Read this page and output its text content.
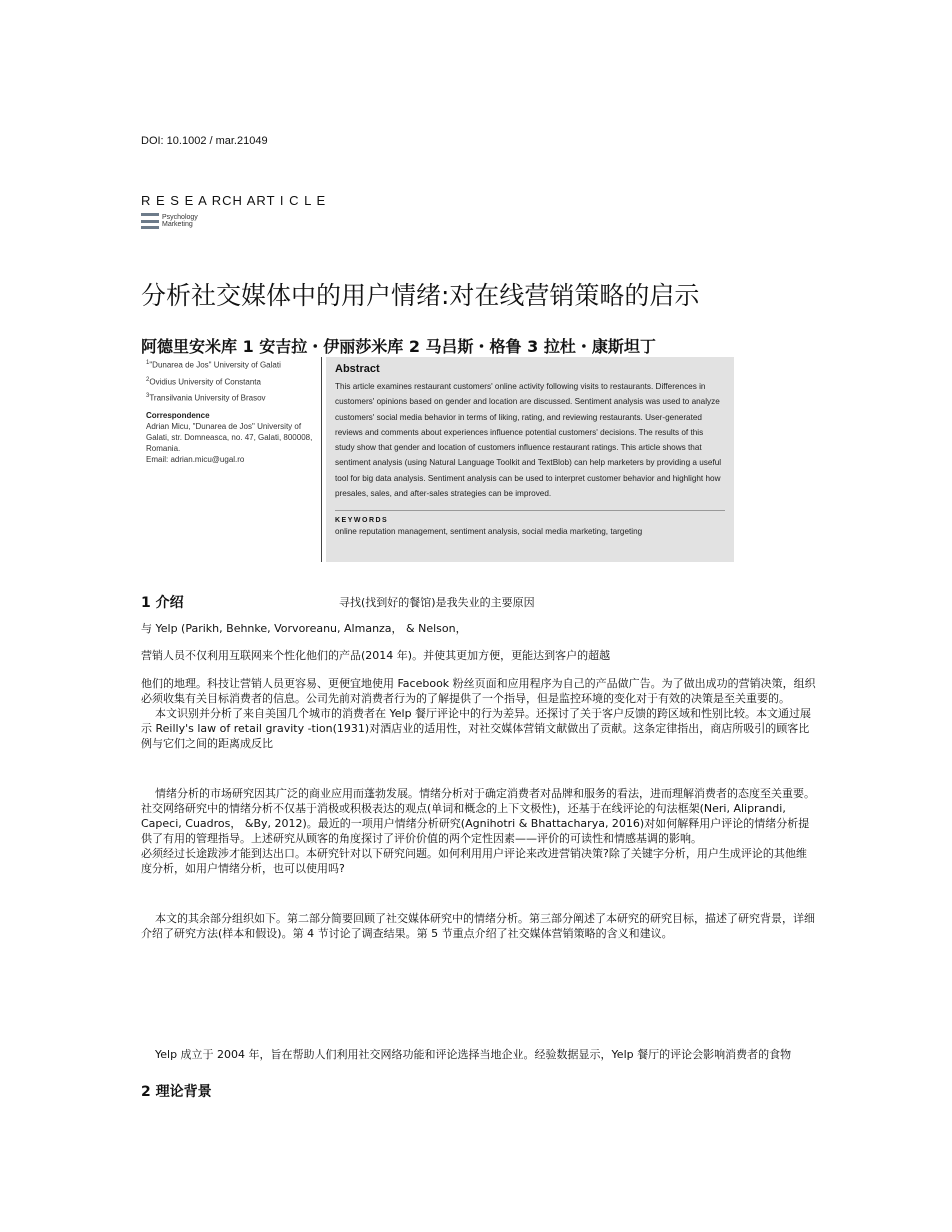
DOI: 10.1002 / mar.21049
R E S E A RCH ART I C L E
Psychology
Marketing
分析社交媒体中的用户情绪:对在线营销策略的启示
阿德里安米库 1 安吉拉・伊丽莎米库 2 马吕斯・格鲁 3 拉杜・康斯坦丁
$^1$"Dunarea de Jos" University of Galati
$^2$Ovidius University of Constanta
$^3$Transilvania University of Brasov
Correspondence
Adrian Micu, "Dunarea de Jos" University of Galati, str. Domneasca, no. 47, Galati, 800008, Romania.
Email: adrian.micu@ugal.ro
Abstract
This article examines restaurant customers' online activity following visits to restaurants. Differences in customers' opinions based on gender and location are discussed. Sentiment analysis was used to analyze customers' social media behavior in terms of liking, rating, and reviewing restaurants. User-generated reviews and comments about experiences influence potential customers' decisions. The results of this study show that gender and location of customers influence restaurant ratings. This article shows that sentiment analysis (using Natural Language Toolkit and TextBlob) can help marketers by providing a useful tool for big data analysis. Sentiment analysis can be used to interpret customer behavior and highlight how presales, sales, and after-sales strategies can be improved.
KEYWORDS
online reputation management, sentiment analysis, social media marketing, targeting
1 介绍	寻找(找到好的餐馆)是我失业的主要原因
与 Yelp (Parikh, Behnke, Vorvoreanu, Almanza， & Nelson，
营销人员不仅利用互联网来个性化他们的产品(2014 年)。并使其更加方便，更能达到客户的超越
他们的地理。科技让营销人员更容易、更便宜地使用 Facebook 粉丝页面和应用程序为自己的产品做广告。为了做出成功的营销决策，组织必须收集有关目标消费者的信息。公司先前对消费者行为的了解提供了一个指导，但是监控环境的变化对于有效的决策是至关重要的。
本文识别并分析了来自美国几个城市的消费者在 Yelp 餐厅评论中的行为差异。还探讨了关于客户反馈的跨区域和性别比较。本文通过展示 Reilly's law of retail gravity -tion(1931)对酒店业的适用性，对社交媒体营销文献做出了贡献。这条定律指出，商店所吸引的顾客比例与它们之间的距离成反比
情绪分析的市场研究因其广泛的商业应用而蓬勃发展。情绪分析对于确定消费者对品牌和服务的看法，进而理解消费者的态度至关重要。社交网络研究中的情绪分析不仅基于消极或积极表达的观点(单词和概念的上下文极性)，还基于在线评论的句法框架(Neri, Aliprandi, Capeci, Cuadros， &By, 2012)。最近的一项用户情绪分析研究(Agnihotri & Bhattacharya, 2016)对如何解释用户评论的情绪分析提供了有用的管理指导。上述研究从顾客的角度探讨了评价价值的两个定性因素——评价的可读性和情感基调的影响。
必须经过长途跋涉才能到达出口。本研究针对以下研究问题。如何利用用户评论来改进营销决策?除了关键字分析，用户生成评论的其他维度分析，如用户情绪分析，也可以使用吗?
本文的其余部分组织如下。第二部分简要回顾了社交媒体研究中的情绪分析。第三部分阐述了本研究的研究目标，描述了研究背景，详细介绍了研究方法(样本和假设)。第 4 节讨论了调查结果。第 5 节重点介绍了社交媒体营销策略的含义和建议。
Yelp 成立于 2004 年，旨在帮助人们利用社交网络功能和评论选择当地企业。经验数据显示，Yelp 餐厅的评论会影响消费者的食物
2 理论背景
